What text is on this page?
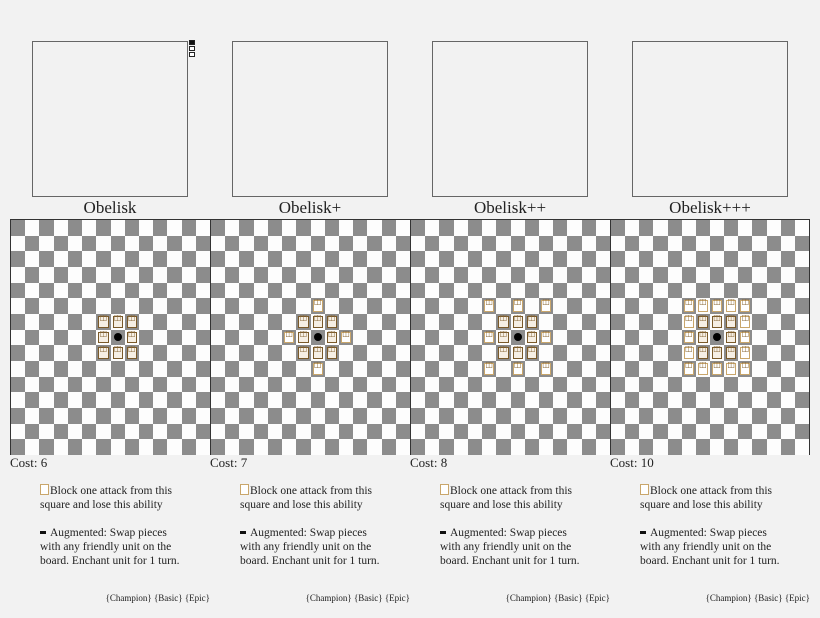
Obelisk
◫
◫
◫
◫
◫
◫
◫
◫
Cost: 6

Block one attack from this square and lose this ability

Augmented: Swap pieces with any friendly unit on the board. Enchant unit for 1 turn.

{Champion} {Basic} {Epic}
Obelisk+
◫
◫
◫
◫
◫
◫
◫
◫
◫
◫
◫
◫
Cost: 7

Block one attack from this square and lose this ability

Augmented: Swap pieces with any friendly unit on the board. Enchant unit for 1 turn.

{Champion} {Basic} {Epic}
Obelisk++
◫
◫
◫
◫
◫
◫
◫
◫
◫
◫
◫
◫
◫
◫
◫
◫
Cost: 8

Block one attack from this square and lose this ability

Augmented: Swap pieces with any friendly unit on the board. Enchant unit for 1 turn.

{Champion} {Basic} {Epic}
Obelisk+++
◫
◫
◫
◫
◫
◫
◫
◫
◫
◫
◫
◫
◫
◫
◫
◫
◫
◫
◫
◫
◫
◫
◫
◫
Cost: 10

Block one attack from this square and lose this ability

Augmented: Swap pieces with any friendly unit on the board. Enchant unit for 1 turn.

{Champion} {Basic} {Epic}
